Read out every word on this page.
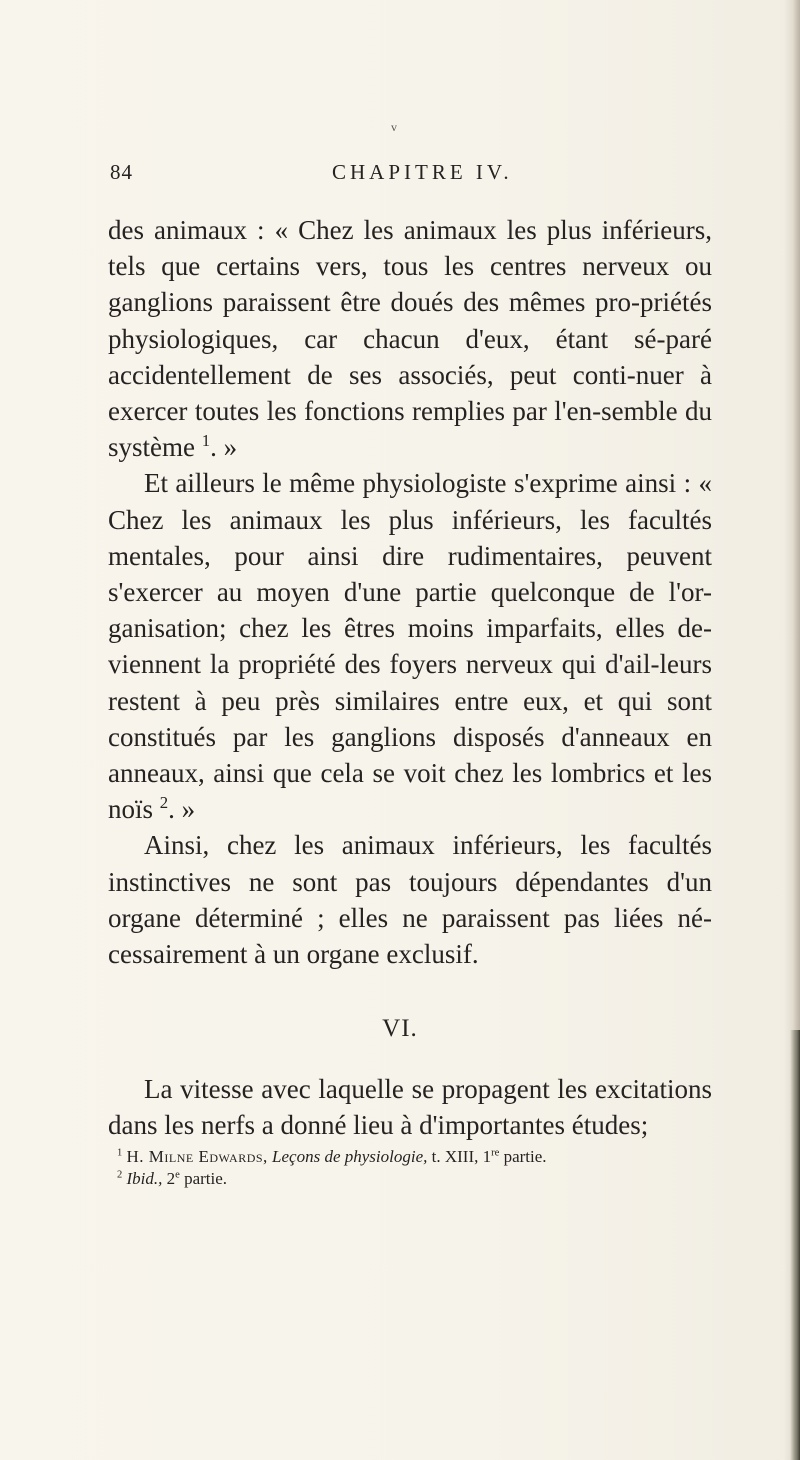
v
84	CHAPITRE IV.

des animaux : « Chez les animaux les plus inférieurs, tels que certains vers, tous les centres nerveux ou ganglions paraissent être doués des mêmes pro-priétés physiologiques, car chacun d'eux, étant sé-paré accidentellement de ses associés, peut conti-nuer à exercer toutes les fonctions remplies par l'en-semble du système $^1$. »

Et ailleurs le même physiologiste s'exprime ainsi : « Chez les animaux les plus inférieurs, les facultés mentales, pour ainsi dire rudimentaires, peuvent s'exercer au moyen d'une partie quelconque de l'or-ganisation; chez les êtres moins imparfaits, elles de-viennent la propriété des foyers nerveux qui d'ail-leurs restent à peu près similaires entre eux, et qui sont constitués par les ganglions disposés d'anneaux en anneaux, ainsi que cela se voit chez les lombrics et les noïs $^2$. »

Ainsi, chez les animaux inférieurs, les facultés instinctives ne sont pas toujours dépendantes d'un organe déterminé ; elles ne paraissent pas liées né-cessairement à un organe exclusif.

VI.

La vitesse avec laquelle se propagent les excitations dans les nerfs a donné lieu à d'importantes études;

$^1$ H. Milne Edwards, Leçons de physiologie, t. XIII, 1re partie.

$^2$ Ibid., 2e partie.
